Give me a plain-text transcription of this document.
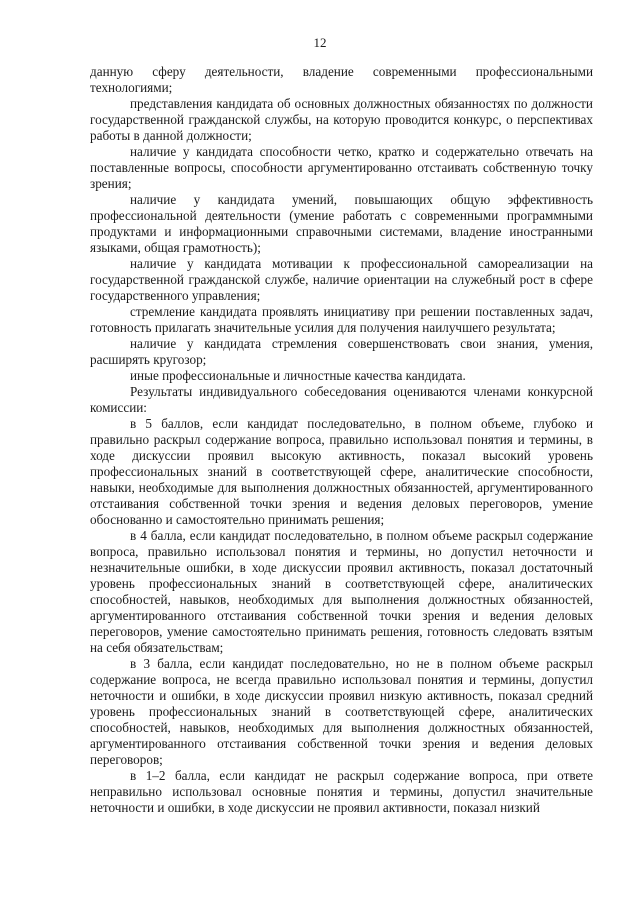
12

данную сферу деятельности, владение современными профессиональными технологиями;

представления кандидата об основных должностных обязанностях по должности государственной гражданской службы, на которую проводится конкурс, о перспективах работы в данной должности;

наличие у кандидата способности четко, кратко и содержательно отвечать на поставленные вопросы, способности аргументированно отстаивать собственную точку зрения;

наличие у кандидата умений, повышающих общую эффективность профессиональной деятельности (умение работать с современными программными продуктами и информационными справочными системами, владение иностранными языками, общая грамотность);

наличие у кандидата мотивации к профессиональной самореализации на государственной гражданской службе, наличие ориентации на служебный рост в сфере государственного управления;

стремление кандидата проявлять инициативу при решении поставленных задач, готовность прилагать значительные усилия для получения наилучшего результата;

наличие у кандидата стремления совершенствовать свои знания, умения, расширять кругозор;

иные профессиональные и личностные качества кандидата.

Результаты индивидуального собеседования оцениваются членами конкурсной комиссии:

в 5 баллов, если кандидат последовательно, в полном объеме, глубоко и правильно раскрыл содержание вопроса, правильно использовал понятия и термины, в ходе дискуссии проявил высокую активность, показал высокий уровень профессиональных знаний в соответствующей сфере, аналитические способности, навыки, необходимые для выполнения должностных обязанностей, аргументированного отстаивания собственной точки зрения и ведения деловых переговоров, умение обоснованно и самостоятельно принимать решения;

в 4 балла, если кандидат последовательно, в полном объеме раскрыл содержание вопроса, правильно использовал понятия и термины, но допустил неточности и незначительные ошибки, в ходе дискуссии проявил активность, показал достаточный уровень профессиональных знаний в соответствующей сфере, аналитических способностей, навыков, необходимых для выполнения должностных обязанностей, аргументированного отстаивания собственной точки зрения и ведения деловых переговоров, умение самостоятельно принимать решения, готовность следовать взятым на себя обязательствам;

в 3 балла, если кандидат последовательно, но не в полном объеме раскрыл содержание вопроса, не всегда правильно использовал понятия и термины, допустил неточности и ошибки, в ходе дискуссии проявил низкую активность, показал средний уровень профессиональных знаний в соответствующей сфере, аналитических способностей, навыков, необходимых для выполнения должностных обязанностей, аргументированного отстаивания собственной точки зрения и ведения деловых переговоров;

в 1–2 балла, если кандидат не раскрыл содержание вопроса, при ответе неправильно использовал основные понятия и термины, допустил значительные неточности и ошибки, в ходе дискуссии не проявил активности, показал низкий
